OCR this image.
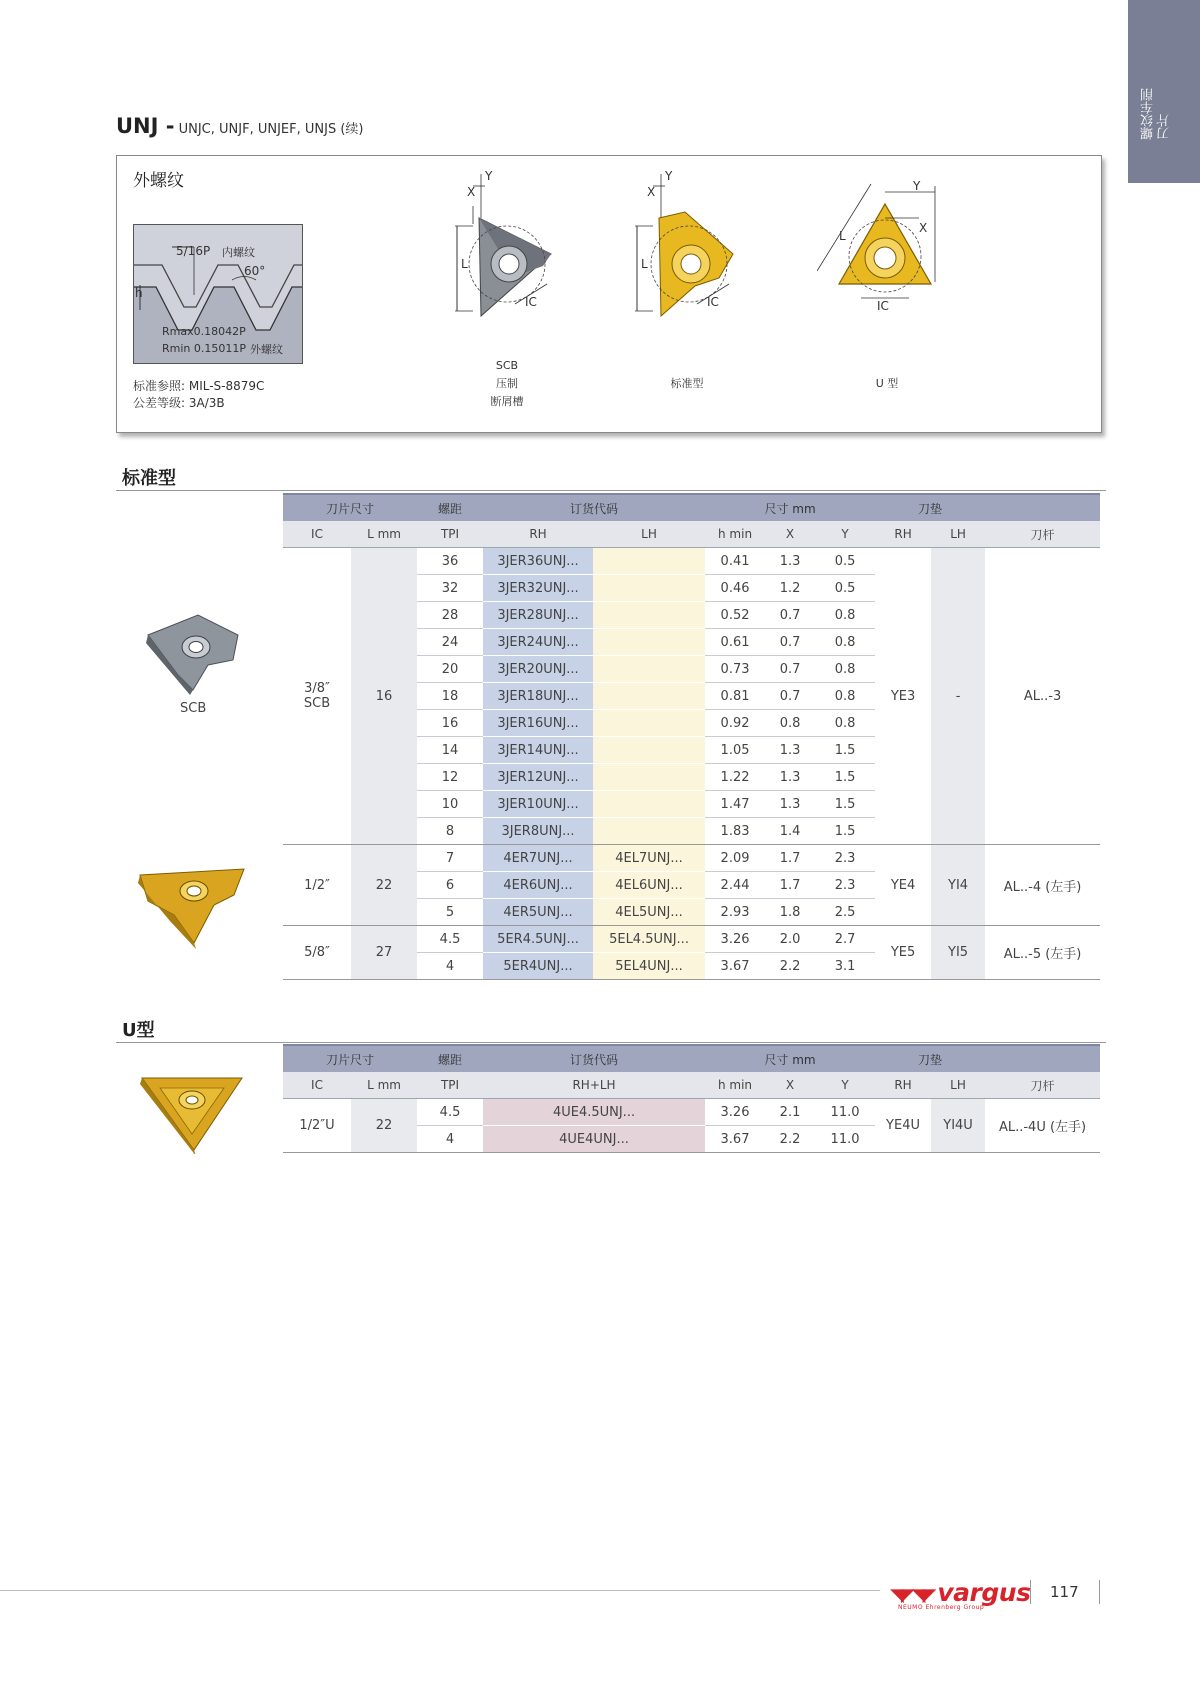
螺纹车削
刀片
UNJ - UNJC, UNJF, UNJEF, UNJS (续)
外螺纹
5/16P 内螺纹
60°
h
Rmax0.18042P
Rmin 0.15011P 外螺纹
标准参照: MIL-S-8879C
公差等级: 3A/3B
X
Y
L
IC
SCB
压制
断屑槽
X
Y
L
IC
标准型
Y
X
L
IC
U 型
标准型
SCB
刀片尺寸		螺距	订货代码		尺寸 mm			刀垫		
IC	L mm	TPI	RH	LH	h min	X	Y	RH	LH	刀杆

3/8″
SCB	16	36	3JER36UNJ...		0.41	1.3	0.5	YE3	-	AL..-3
		32	3JER32UNJ...		0.46	1.2	0.5			
		28	3JER28UNJ...		0.52	0.7	0.8			
		24	3JER24UNJ...		0.61	0.7	0.8			
		20	3JER20UNJ...		0.73	0.7	0.8			
		18	3JER18UNJ...		0.81	0.7	0.8			
		16	3JER16UNJ...		0.92	0.8	0.8			
		14	3JER14UNJ...		1.05	1.3	1.5			
		12	3JER12UNJ...		1.22	1.3	1.5			
		10	3JER10UNJ...		1.47	1.3	1.5			
		8	3JER8UNJ...		1.83	1.4	1.5			

1/2″	22	7	4ER7UNJ...	4EL7UNJ...	2.09	1.7	2.3	YE4	YI4	AL..-4 (左手)
		6	4ER6UNJ...	4EL6UNJ...	2.44	1.7	2.3			
		5	4ER5UNJ...	4EL5UNJ...	2.93	1.8	2.5			

5/8″	27	4.5	5ER4.5UNJ...	5EL4.5UNJ...	3.26	2.0	2.7	YE5	YI5	AL..-5 (左手)
		4	5ER4UNJ...	5EL4UNJ...	3.67	2.2	3.1			
U型
刀片尺寸		螺距	订货代码	尺寸 mm			刀垫		
IC	L mm	TPI	RH+LH	h min	X	Y	RH	LH	刀杆
1/2″U	22	4.5	4UE4.5UNJ...	3.26	2.1	11.0	YE4U	YI4U	AL..-4U (左手)
		4	4UE4UNJ...	3.67	2.2	11.0			
◥◤◥◤ vargus
NEUMO Ehrenberg Group
117
